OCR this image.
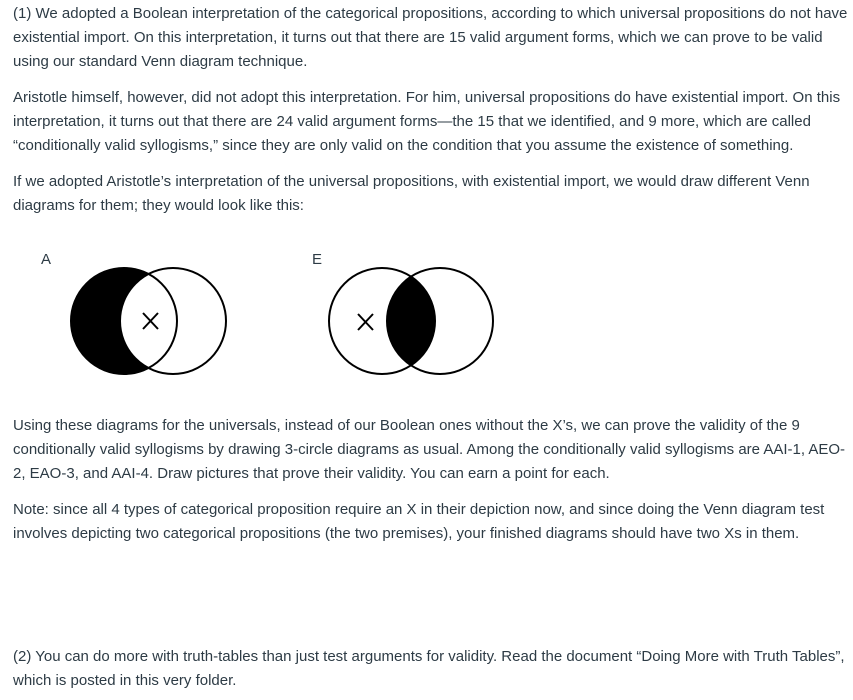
(1) We adopted a Boolean interpretation of the categorical propositions, according to which universal propositions do not have existential import. On this interpretation, it turns out that there are 15 valid argument forms, which we can prove to be valid using our standard Venn diagram technique.

Aristotle himself, however, did not adopt this interpretation. For him, universal propositions do have existential import. On this interpretation, it turns out that there are 24 valid argument forms—the 15 that we identified, and 9 more, which are called “conditionally valid syllogisms,” since they are only valid on the condition that you assume the existence of something.

If we adopted Aristotle’s interpretation of the universal propositions, with existential import, we would draw different Venn diagrams for them; they would look like this:

A	E

Using these diagrams for the universals, instead of our Boolean ones without the X’s, we can prove the validity of the 9 conditionally valid syllogisms by drawing 3-circle diagrams as usual. Among the conditionally valid syllogisms are AAI-1, AEO-2, EAO-3, and AAI-4. Draw pictures that prove their validity. You can earn a point for each.

Note: since all 4 types of categorical proposition require an X in their depiction now, and since doing the Venn diagram test involves depicting two categorical propositions (the two premises), your finished diagrams should have two Xs in them.

(2) You can do more with truth-tables than just test arguments for validity. Read the document “Doing More with Truth Tables”, which is posted in this very folder.
